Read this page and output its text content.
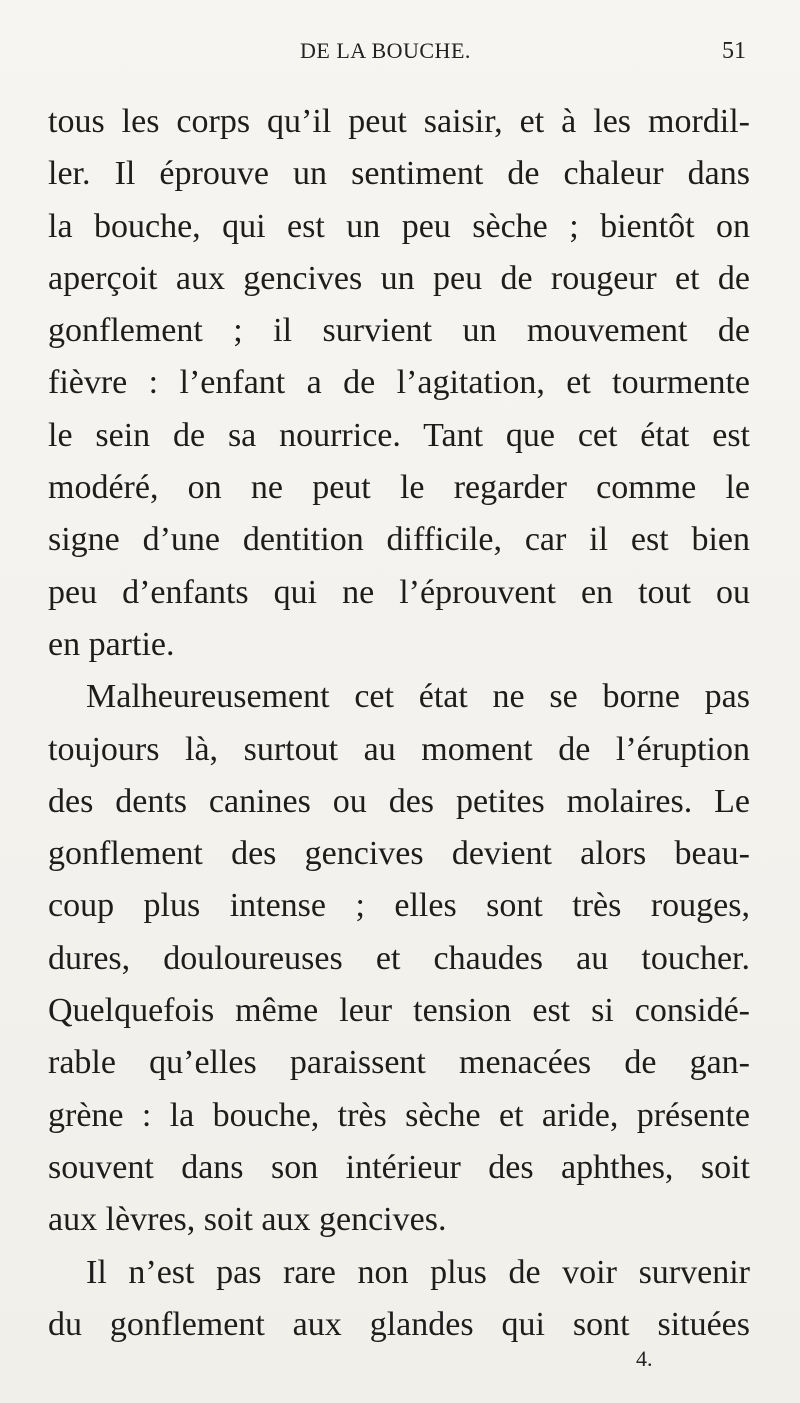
DE LA BOUCHE.	51
tous les corps qu’il peut saisir, et à les mordil-
ler. Il éprouve un sentiment de chaleur dans
la bouche, qui est un peu sèche ; bientôt on
aperçoit aux gencives un peu de rougeur et de
gonflement ; il survient un mouvement de
fièvre : l’enfant a de l’agitation, et tourmente
le sein de sa nourrice. Tant que cet état est
modéré, on ne peut le regarder comme le
signe d’une dentition difficile, car il est bien
peu d’enfants qui ne l’éprouvent en tout ou
en partie.
Malheureusement cet état ne se borne pas
toujours là, surtout au moment de l’éruption
des dents canines ou des petites molaires. Le
gonflement des gencives devient alors beau-
coup plus intense ; elles sont très rouges,
dures, douloureuses et chaudes au toucher.
Quelquefois même leur tension est si considé-
rable qu’elles paraissent menacées de gan-
grène : la bouche, très sèche et aride, présente
souvent dans son intérieur des aphthes, soit
aux lèvres, soit aux gencives.
Il n’est pas rare non plus de voir survenir
du gonflement aux glandes qui sont situées
4.
